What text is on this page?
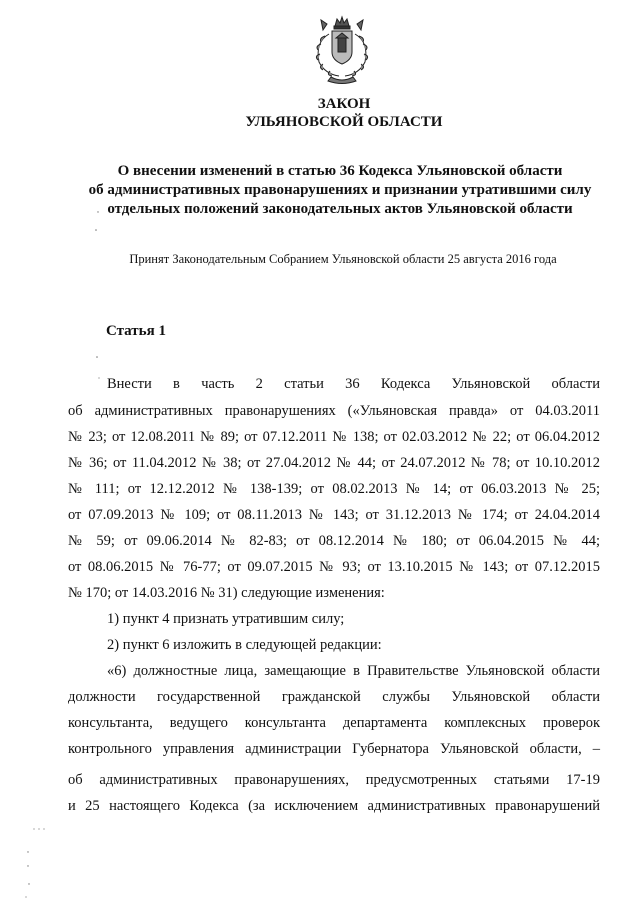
ЗАКОН
УЛЬЯНОВСКОЙ ОБЛАСТИ
О внесении изменений в статью 36 Кодекса Ульяновской области
об административных правонарушениях и признании утратившими силу
отдельных положений законодательных актов Ульяновской области
Принят Законодательным Собранием Ульяновской области 25 августа 2016 года
Статья 1
Внести в часть 2 статьи 36 Кодекса Ульяновской области
об административных правонарушениях («Ульяновская правда» от 04.03.2011
№ 23; от 12.08.2011 № 89; от 07.12.2011 № 138; от 02.03.2012 № 22; от 06.04.2012
№ 36; от 11.04.2012 № 38; от 27.04.2012 № 44; от 24.07.2012 № 78; от 10.10.2012
№ 111; от 12.12.2012 № 138-139; от 08.02.2013 № 14; от 06.03.2013 № 25;
от 07.09.2013 № 109; от 08.11.2013 № 143; от 31.12.2013 № 174; от 24.04.2014
№ 59; от 09.06.2014 № 82-83; от 08.12.2014 № 180; от 06.04.2015 № 44;
от 08.06.2015 № 76-77; от 09.07.2015 № 93; от 13.10.2015 № 143; от 07.12.2015
№ 170; от 14.03.2016 № 31) следующие изменения:
1) пункт 4 признать утратившим силу;
2) пункт 6 изложить в следующей редакции:
«6) должностные лица, замещающие в Правительстве Ульяновской области
должности государственной гражданской службы Ульяновской области
консультанта, ведущего консультанта департамента комплексных проверок
контрольного управления администрации Губернатора Ульяновской области, –
об административных правонарушениях, предусмотренных статьями 17-19
и 25 настоящего Кодекса (за исключением административных правонарушений
